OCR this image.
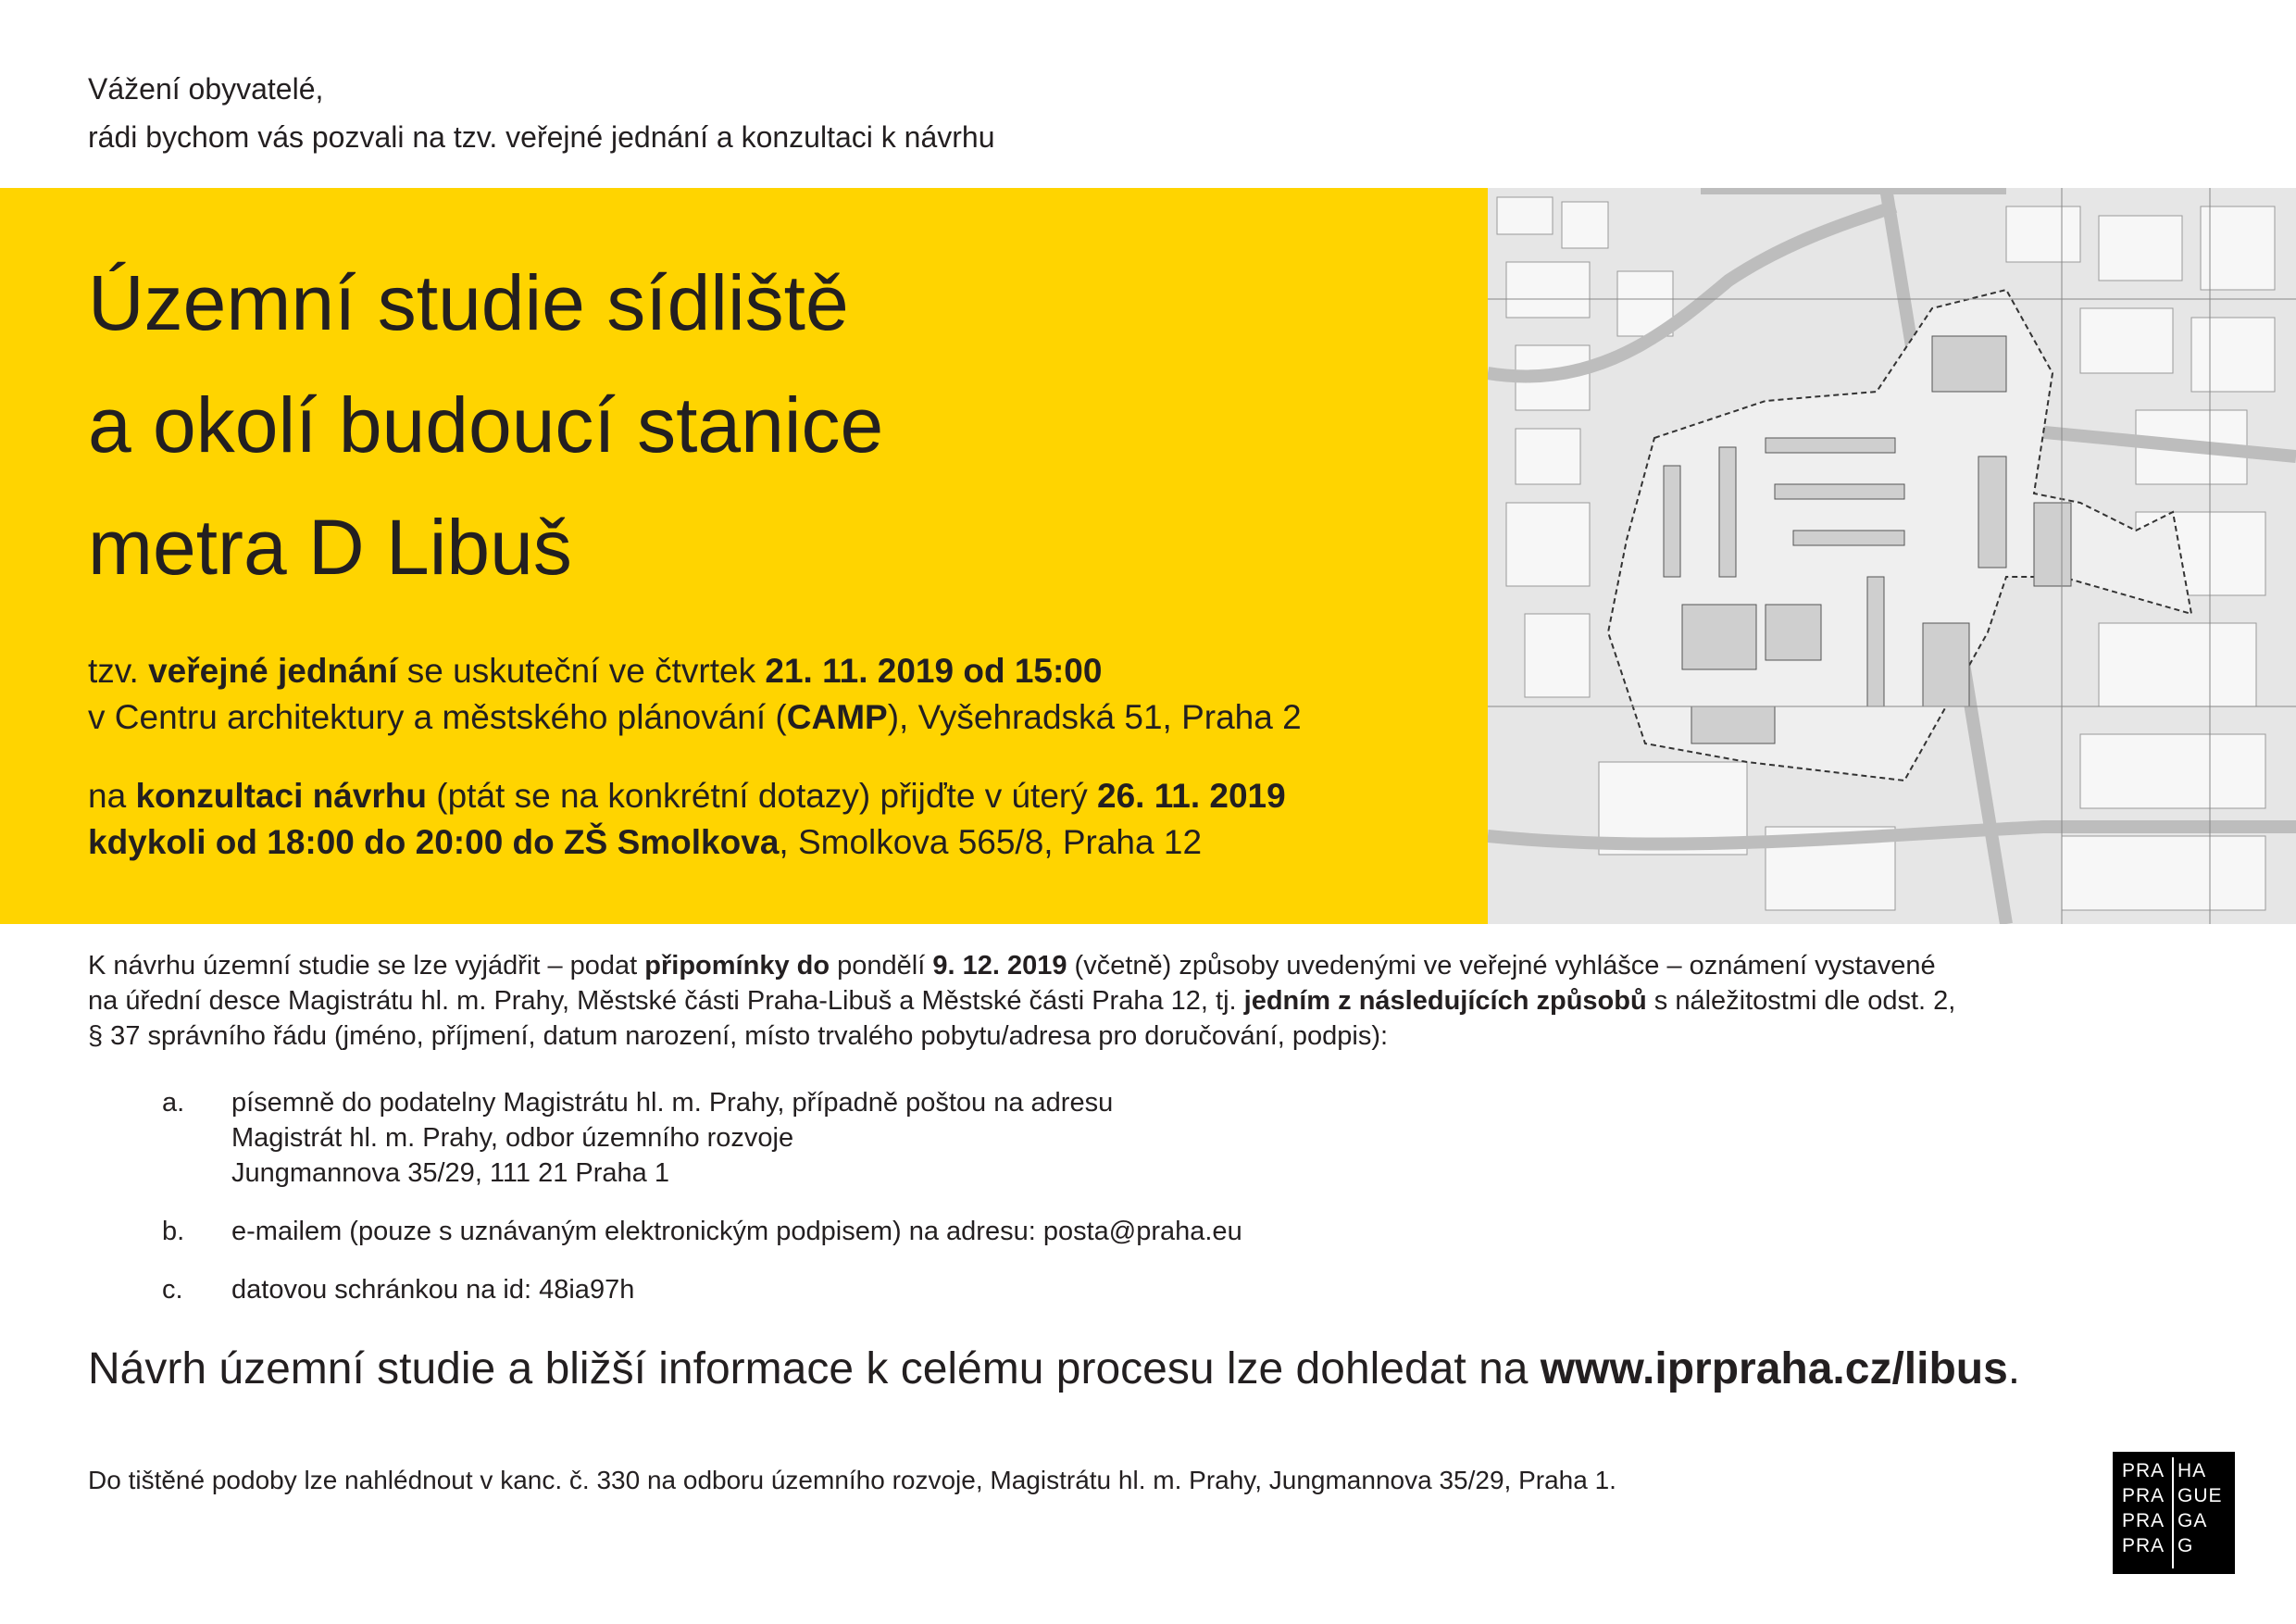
Vážení obyvatelé,
rádi bychom vás pozvali na tzv. veřejné jednání a konzultaci k návrhu
Územní studie sídliště
a okolí budoucí stanice
metra D Libuš
tzv. veřejné jednání se uskuteční ve čtvrtek 21. 11. 2019 od 15:00
v Centru architektury a městského plánování (CAMP), Vyšehradská 51, Praha 2
na konzultaci návrhu (ptát se na konkrétní dotazy) přijďte v úterý 26. 11. 2019
kdykoli od 18:00 do 20:00 do ZŠ Smolkova, Smolkova 565/8, Praha 12
K návrhu územní studie se lze vyjádřit – podat připomínky do pondělí 9. 12. 2019 (včetně) způsoby uvedenými ve veřejné vyhlášce – oznámení vystavené
na úřední desce Magistrátu hl. m. Prahy, Městské části Praha-Libuš a Městské části Praha 12, tj. jedním z následujících způsobů s náležitostmi dle odst. 2,
§ 37 správního řádu (jméno, příjmení, datum narození, místo trvalého pobytu/adresa pro doručování, podpis):
a.	písemně do podatelny Magistrátu hl. m. Prahy, případně poštou na adresu
Magistrát hl. m. Prahy, odbor územního rozvoje
Jungmannova 35/29, 111 21 Praha 1
b.	e-mailem (pouze s uznávaným elektronickým podpisem) na adresu: posta@praha.eu
c.	datovou schránkou na id: 48ia97h
Návrh územní studie a bližší informace k celému procesu lze dohledat na www.iprpraha.cz/libus.
Do tištěné podoby lze nahlédnout v kanc. č. 330 na odboru územního rozvoje, Magistrátu hl. m. Prahy, Jungmannova 35/29, Praha 1.	PRA
PRA
PRA
PRA
HA
GUE
GA
G
